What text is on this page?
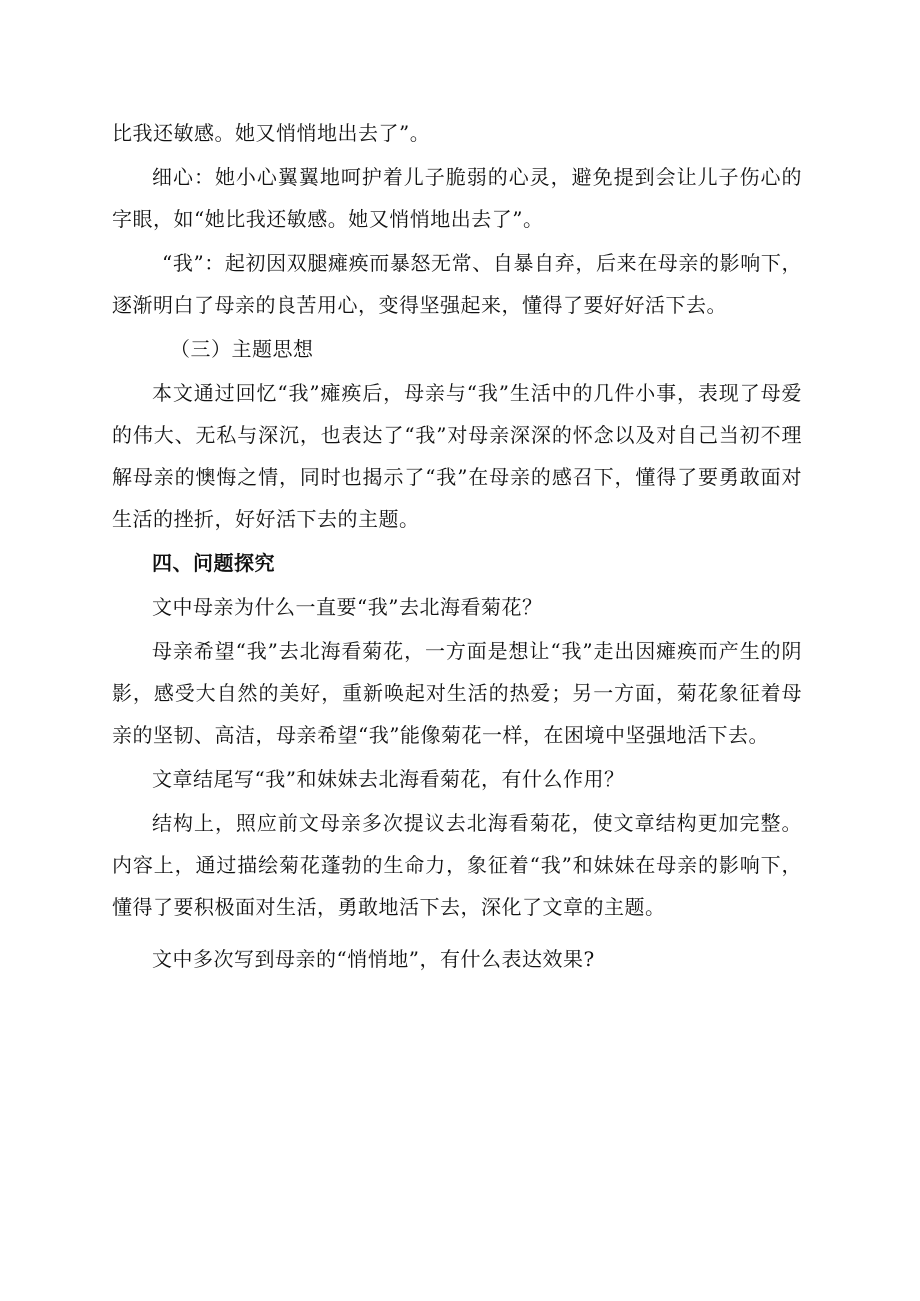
比我还敏感。她又悄悄地出去了”。

细心：她小心翼翼地呵护着儿子脆弱的心灵，避免提到会让儿子伤心的字眼，如“她比我还敏感。她又悄悄地出去了”。

“我”：起初因双腿瘫痪而暴怒无常、自暴自弃，后来在母亲的影响下，逐渐明白了母亲的良苦用心，变得坚强起来，懂得了要好好活下去。

（三）主题思想

本文通过回忆“我”瘫痪后，母亲与“我”生活中的几件小事，表现了母爱的伟大、无私与深沉，也表达了“我”对母亲深深的怀念以及对自己当初不理解母亲的懊悔之情，同时也揭示了“我”在母亲的感召下，懂得了要勇敢面对生活的挫折，好好活下去的主题。

四、问题探究

文中母亲为什么一直要“我”去北海看菊花？

母亲希望“我”去北海看菊花，一方面是想让“我”走出因瘫痪而产生的阴影，感受大自然的美好，重新唤起对生活的热爱；另一方面，菊花象征着母亲的坚韧、高洁，母亲希望“我”能像菊花一样，在困境中坚强地活下去。

文章结尾写“我”和妹妹去北海看菊花，有什么作用？

结构上，照应前文母亲多次提议去北海看菊花，使文章结构更加完整。内容上，通过描绘菊花蓬勃的生命力，象征着“我”和妹妹在母亲的影响下，懂得了要积极面对生活，勇敢地活下去，深化了文章的主题。

文中多次写到母亲的“悄悄地”，有什么表达效果?
